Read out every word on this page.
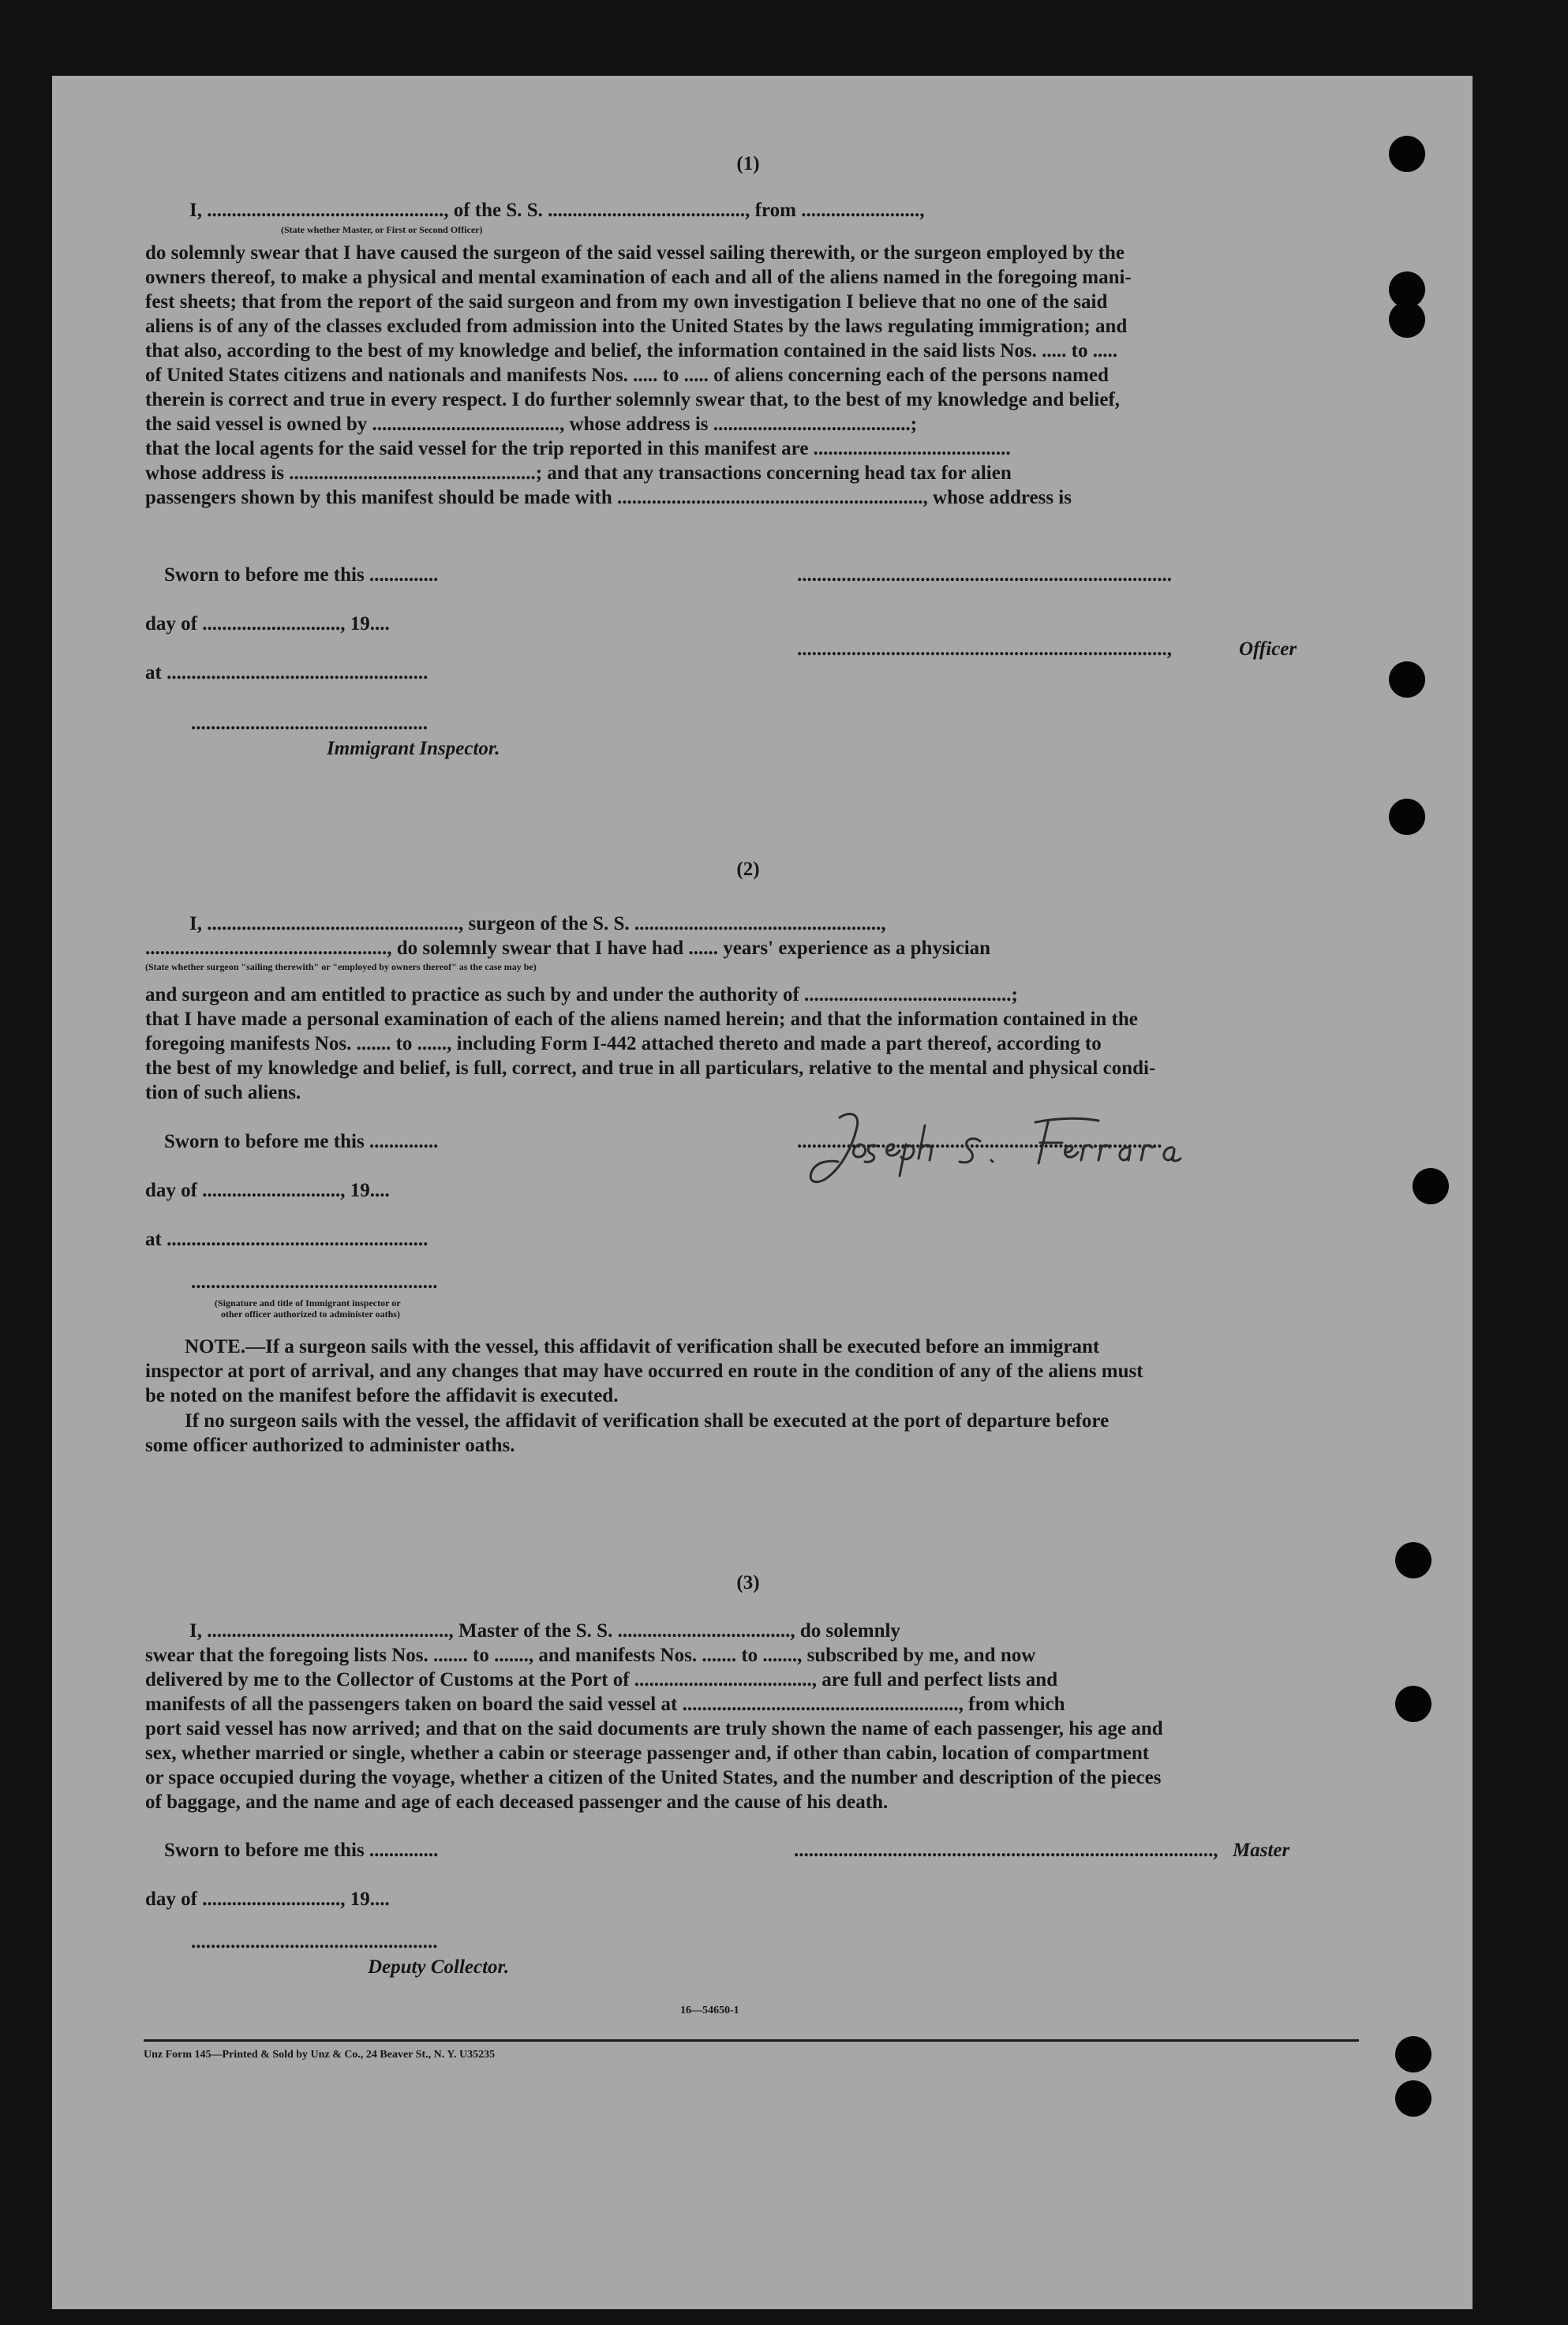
(1)
I, ................................................, of the S. S. ........................................, from ........................,
(State whether Master, or First or Second Officer)
do solemnly swear that I have caused the surgeon of the said vessel sailing therewith, or the surgeon employed by the
owners thereof, to make a physical and mental examination of each and all of the aliens named in the foregoing mani-
fest sheets; that from the report of the said surgeon and from my own investigation I believe that no one of the said
aliens is of any of the classes excluded from admission into the United States by the laws regulating immigration; and
that also, according to the best of my knowledge and belief, the information contained in the said lists Nos. ..... to .....
of United States citizens and nationals and manifests Nos. ..... to ..... of aliens concerning each of the persons named
therein is correct and true in every respect. I do further solemnly swear that, to the best of my knowledge and belief,
the said vessel is owned by ......................................, whose address is ........................................;
that the local agents for the said vessel for the trip reported in this manifest are ........................................
whose address is ..................................................; and that any transactions concerning head tax for alien
passengers shown by this manifest should be made with .............................................................., whose address is
Sworn to before me this ..............	............................................................................
day of ............................, 19....
...........................................................................,	Officer
at .....................................................
................................................
Immigrant Inspector.
(2)
I, ..................................................., surgeon of the S. S. ..................................................,
................................................., do solemnly swear that I have had ...... years' experience as a physician
(State whether surgeon "sailing therewith" or "employed by owners thereof" as the case may be)
and surgeon and am entitled to practice as such by and under the authority of ..........................................;
that I have made a personal examination of each of the aliens named herein; and that the information contained in the
foregoing manifests Nos. ....... to ......, including Form I-442 attached thereto and made a part thereof, according to
the best of my knowledge and belief, is full, correct, and true in all particulars, relative to the mental and physical condi-
tion of such aliens.
Sworn to before me this ..............	..........................................................................
day of ............................, 19....
at .....................................................
..................................................
(Signature and title of Immigrant inspector or
other officer authorized to administer oaths)
NOTE.—If a surgeon sails with the vessel, this affidavit of verification shall be executed before an immigrant
inspector at port of arrival, and any changes that may have occurred en route in the condition of any of the aliens must
be noted on the manifest before the affidavit is executed.
If no surgeon sails with the vessel, the affidavit of verification shall be executed at the port of departure before
some officer authorized to administer oaths.
(3)
I, ................................................., Master of the S. S. ..................................., do solemnly
swear that the foregoing lists Nos. ....... to ......., and manifests Nos. ....... to ......., subscribed by me, and now
delivered by me to the Collector of Customs at the Port of ...................................., are full and perfect lists and
manifests of all the passengers taken on board the said vessel at ........................................................, from which
port said vessel has now arrived; and that on the said documents are truly shown the name of each passenger, his age and
sex, whether married or single, whether a cabin or steerage passenger and, if other than cabin, location of compartment
or space occupied during the voyage, whether a citizen of the United States, and the number and description of the pieces
of baggage, and the name and age of each deceased passenger and the cause of his death.
Sworn to before me this ..............	....................................................................................., Master
day of ............................, 19....
..................................................
Deputy Collector.
16—54650-1
Unz Form 145—Printed & Sold by Unz & Co., 24 Beaver St., N. Y. U35235
